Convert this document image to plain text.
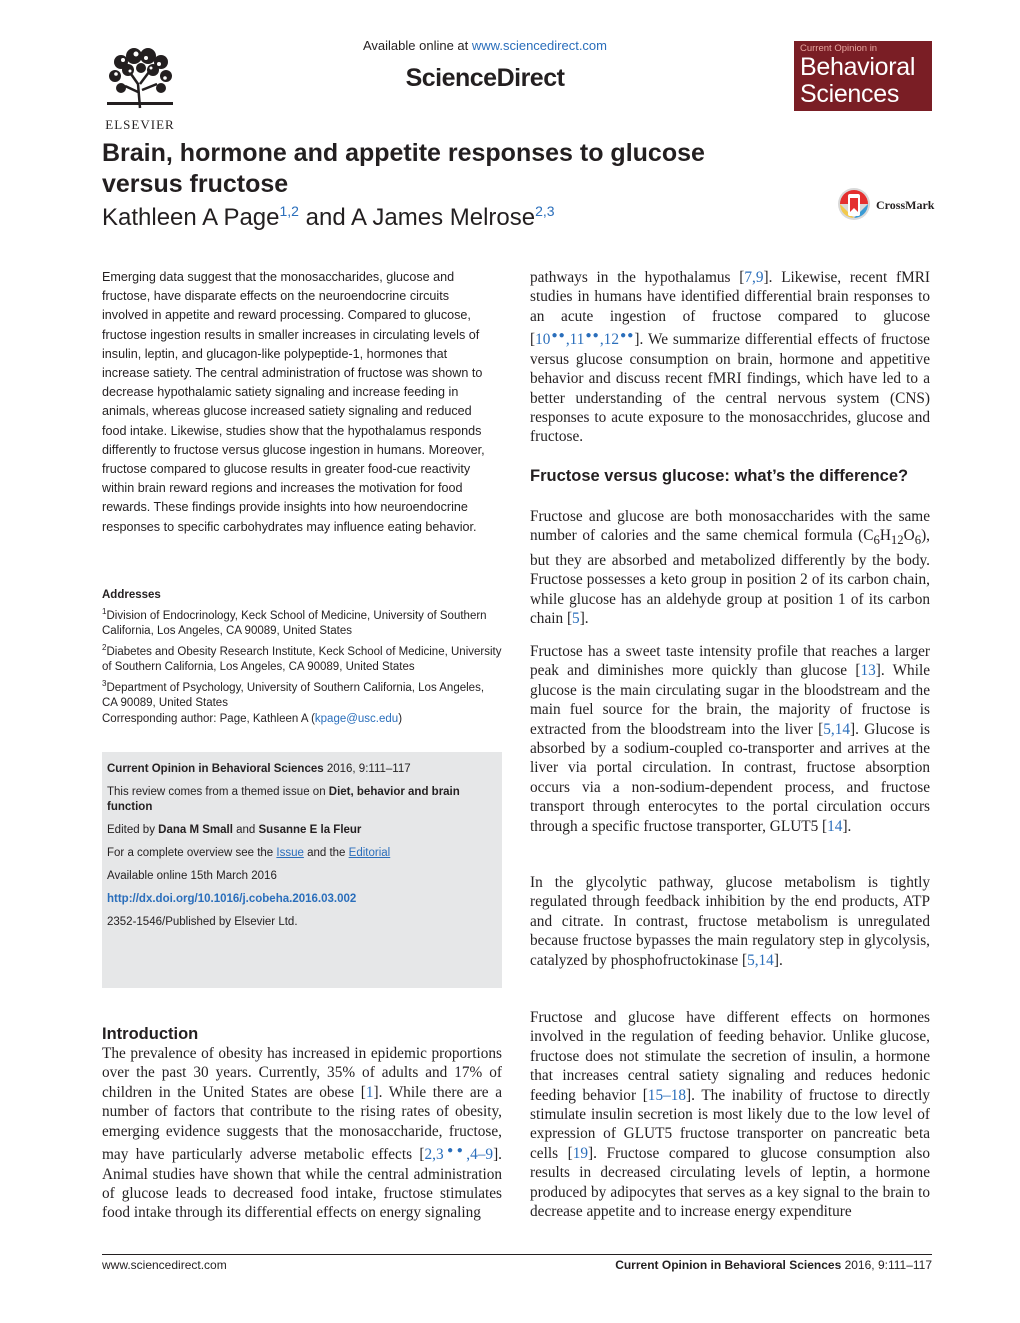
ELSEVIER
Available online at www.sciencedirect.com
ScienceDirect
Current Opinion in
Behavioral
Sciences
Brain, hormone and appetite responses to glucose
versus fructose
Kathleen A Page$^{1,2}$ and A James Melrose$^{2,3}$	CrossMark
Emerging data suggest that the monosaccharides, glucose and fructose, have disparate effects on the neuroendocrine circuits involved in appetite and reward processing. Compared to glucose, fructose ingestion results in smaller increases in circulating levels of insulin, leptin, and glucagon-like polypeptide-1, hormones that increase satiety. The central administration of fructose was shown to decrease hypothalamic satiety signaling and increase feeding in animals, whereas glucose increased satiety signaling and reduced food intake. Likewise, studies show that the hypothalamus responds differently to fructose versus glucose ingestion in humans. Moreover, fructose compared to glucose results in greater food-cue reactivity within brain reward regions and increases the motivation for food rewards. These findings provide insights into how neuroendocrine responses to specific carbohydrates may influence eating behavior.
Addresses
$^1$Division of Endocrinology, Keck School of Medicine, University of Southern California, Los Angeles, CA 90089, United States
$^2$Diabetes and Obesity Research Institute, Keck School of Medicine, University of Southern California, Los Angeles, CA 90089, United States
$^3$Department of Psychology, University of Southern California, Los Angeles, CA 90089, United States
Corresponding author: Page, Kathleen A (kpage@usc.edu)

Current Opinion in Behavioral Sciences 2016, 9:111–117

This review comes from a themed issue on Diet, behavior and brain function

Edited by Dana M Small and Susanne E la Fleur

For a complete overview see the Issue and the Editorial

Available online 15th March 2016

http://dx.doi.org/10.1016/j.cobeha.2016.03.002

2352-1546/Published by Elsevier Ltd.

Introduction
The prevalence of obesity has increased in epidemic proportions over the past 30 years. Currently, 35% of adults and 17% of children in the United States are obese [1]. While there are a number of factors that contribute to the rising rates of obesity, emerging evidence suggests that the monosaccharide, fructose, may have particularly adverse metabolic effects [2,3●●,4–9]. Animal studies have shown that while the central administration of glucose leads to decreased food intake, fructose stimulates food intake through its differential effects on energy signaling

pathways in the hypothalamus [7,9]. Likewise, recent fMRI studies in humans have identified differential brain responses to an acute ingestion of fructose compared to glucose [10●●,11●●,12●●]. We summarize differential effects of fructose versus glucose consumption on brain, hormone and appetitive behavior and discuss recent fMRI findings, which have led to a better understanding of the central nervous system (CNS) responses to acute exposure to the monosacchrides, glucose and fructose.

Fructose versus glucose: what’s the difference?

Fructose and glucose are both monosaccharides with the same number of calories and the same chemical formula $(C_6H_{12}O_6)$, but they are absorbed and metabolized differently by the body. Fructose possesses a keto group in position 2 of its carbon chain, while glucose has an aldehyde group at position 1 of its carbon chain [5].

Fructose has a sweet taste intensity profile that reaches a larger peak and diminishes more quickly than glucose [13]. While glucose is the main circulating sugar in the bloodstream and the main fuel source for the brain, the majority of fructose is extracted from the bloodstream into the liver [5,14]. Glucose is absorbed by a sodium-coupled co-transporter and arrives at the liver via portal circulation. In contrast, fructose absorption occurs via a non-sodium-dependent process, and fructose transport through enterocytes to the portal circulation occurs through a specific fructose transporter, GLUT5 [14].

In the glycolytic pathway, glucose metabolism is tightly regulated through feedback inhibition by the end products, ATP and citrate. In contrast, fructose metabolism is unregulated because fructose bypasses the main regulatory step in glycolysis, catalyzed by phosphofructokinase [5,14].

Fructose and glucose have different effects on hormones involved in the regulation of feeding behavior. Unlike glucose, fructose does not stimulate the secretion of insulin, a hormone that increases central satiety signaling and reduces hedonic feeding behavior [15–18]. The inability of fructose to directly stimulate insulin secretion is most likely due to the low level of expression of GLUT5 fructose transporter on pancreatic beta cells [19]. Fructose compared to glucose consumption also results in decreased circulating levels of leptin, a hormone produced by adipocytes that serves as a key signal to the brain to decrease appetite and to increase energy expenditure

www.sciencedirect.com	Current Opinion in Behavioral Sciences 2016, 9:111–117
